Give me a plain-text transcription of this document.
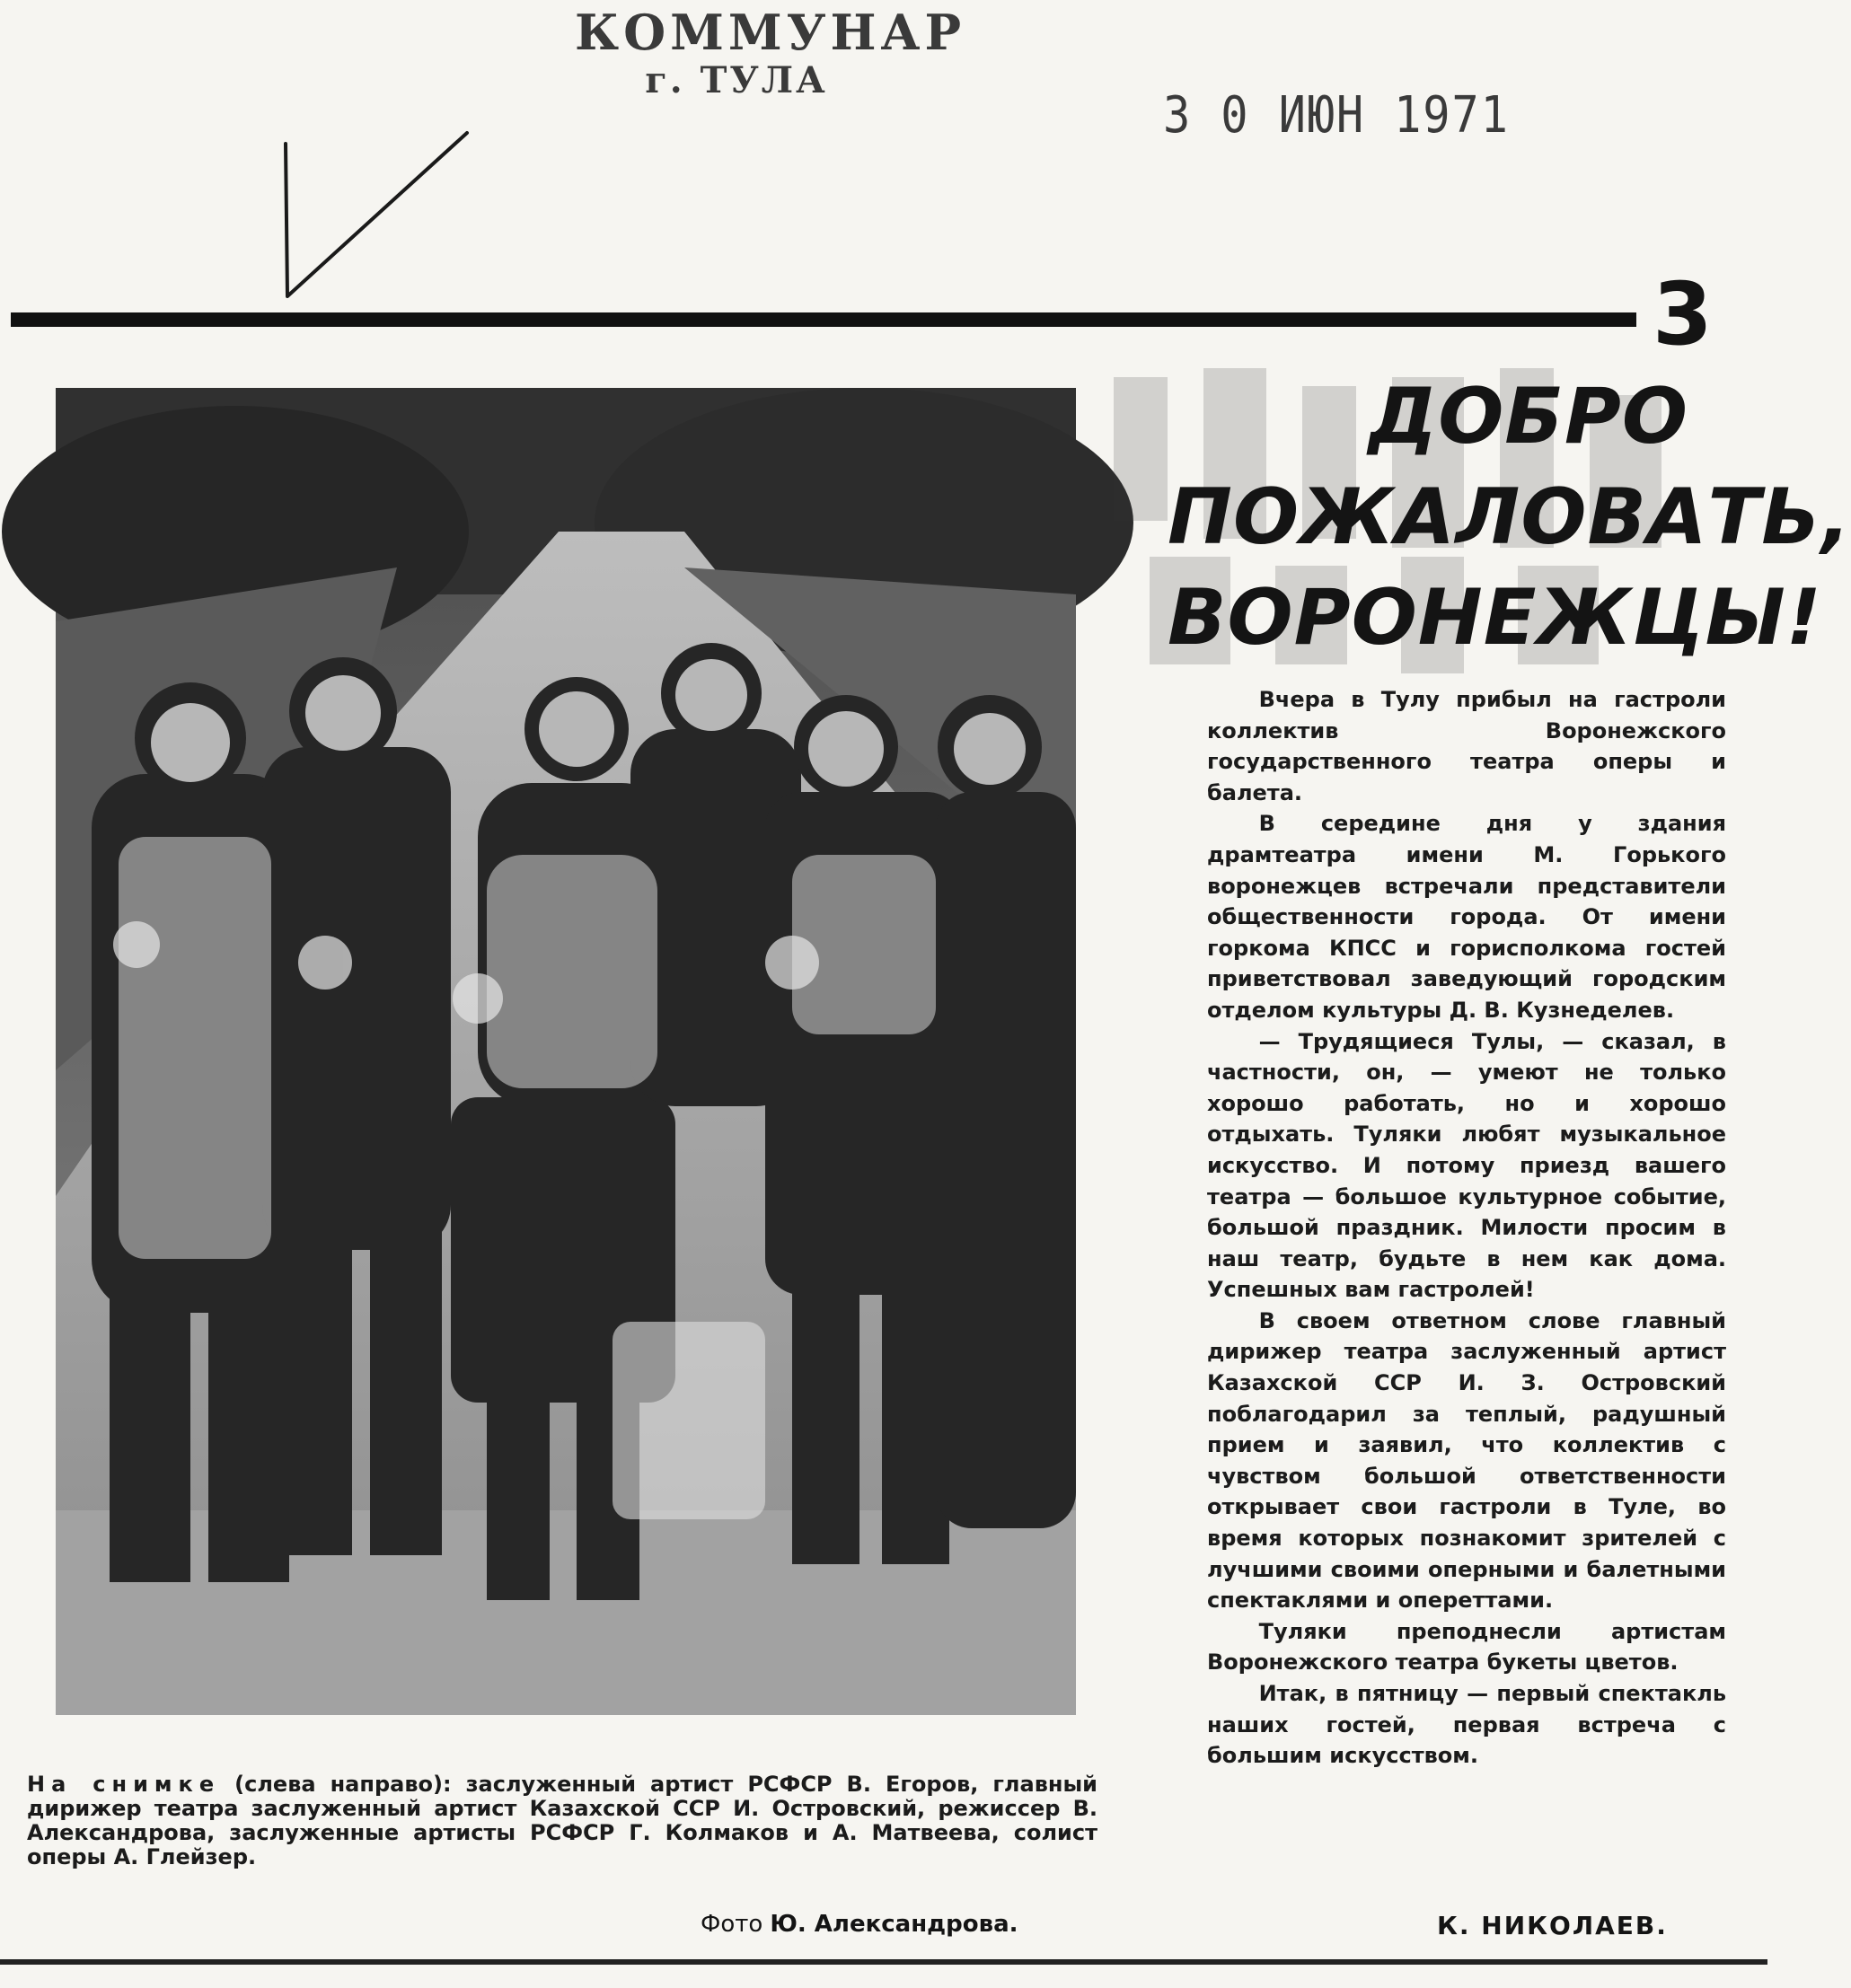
КОММУНАР
г. ТУЛА
3 0 ИЮН 1971
3
ДОБРО
ПОЖАЛОВАТЬ,
ВОРОНЕЖЦЫ!

Вчера в Тулу прибыл на гастроли коллектив Воронежского государственного театра оперы и балета.

В середине дня у здания драмтеатра имени М. Горького воронежцев встречали представители общественности города. От имени горкома КПСС и горисполкома гостей приветствовал заведующий городским отделом культуры Д. В. Кузнеделев.

— Трудящиеся Тулы, — сказал, в частности, он, — умеют не только хорошо работать, но и хорошо отдыхать. Туляки любят музыкальное искусство. И потому приезд вашего театра — большое культурное событие, большой праздник. Милости просим в наш театр, будьте в нем как дома. Успешных вам гастролей!

В своем ответном слове главный дирижер театра заслуженный артист Казахской ССР И. З. Островский поблагодарил за теплый, радушный прием и заявил, что коллектив с чувством большой ответственности открывает свои гастроли в Туле, во время которых познакомит зрителей с лучшими своими оперными и балетными спектаклями и опереттами.

Туляки преподнесли артистам Воронежского театра букеты цветов.

Итак, в пятницу — первый спектакль наших гостей, первая встреча с большим искусством.

На снимке (слева направо): заслуженный артист РСФСР В. Егоров, главный дирижер театра заслуженный артист Казахской ССР И. Островский, режиссер В. Александрова, заслуженные артисты РСФСР Г. Колмаков и А. Матвеева, солист оперы А. Глейзер.
Фото Ю. Александрова.	К. НИКОЛАЕВ.
